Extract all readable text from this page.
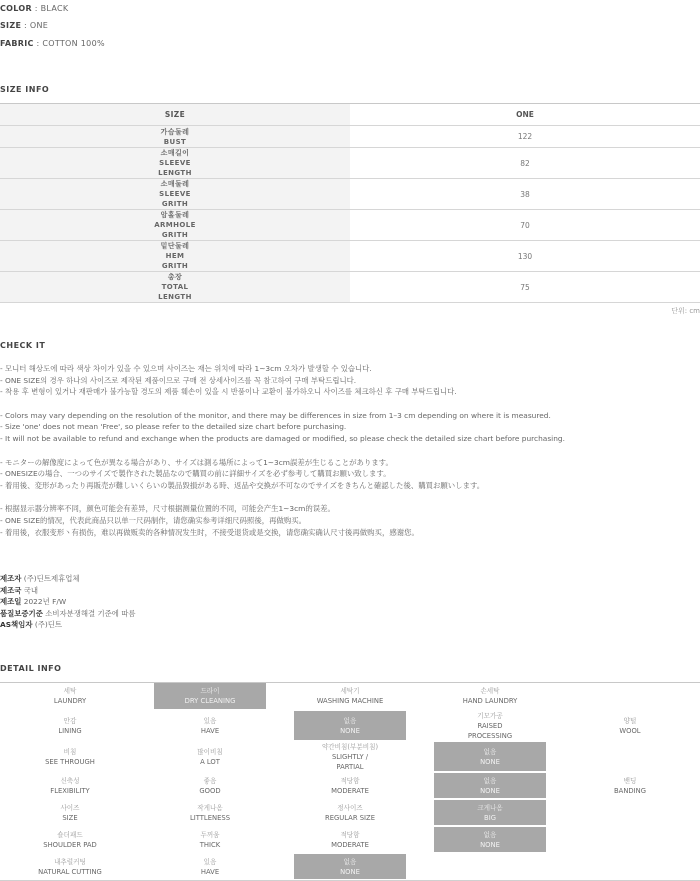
COLOR : BLACK
SIZE : ONE
FABRIC : COTTON 100%
SIZE INFO
SIZE	ONE
가슴둘레
BUST
122
소매길이
SLEEVE
LENGTH
82
소매둘레
SLEEVE
GRITH
38
암홀둘레
ARMHOLE
GRITH
70
밑단둘레
HEM
GRITH
130
총장
TOTAL
LENGTH
75
단위: cm
CHECK IT
- 모니터 해상도에 따라 색상 차이가 있을 수 있으며 사이즈는 재는 위치에 따라 1~3cm 오차가 발생할 수 있습니다.
- ONE SIZE의 경우 하나의 사이즈로 제작된 제품이므로 구매 전 상세사이즈를 꼭 참고하여 구매 부탁드립니다.
- 착용 후 변형이 있거나 재판매가 불가능할 경도의 제품 훼손이 있을 시 반품이나 교환이 불가하오니 사이즈를 체크하신 후 구매 부탁드립니다.
- Colors may vary depending on the resolution of the monitor, and there may be differences in size from 1–3 cm depending on where it is measured.
- Size 'one' does not mean 'Free', so please refer to the detailed size chart before purchasing.
- It will not be available to refund and exchange when the products are damaged or modified, so please check the detailed size chart before purchasing.
- モニターの解像度によって色が異なる場合があり、サイズは測る場所によって1~3cm誤差が生じることがあります。
- ONESIZEの場合、一つのサイズで製作された製品なので購買の前に詳細サイズを必ず参考して購買お願い致します。
- 着用後、変形があったり再販売が難しいくらいの製品毀損がある時、返品や交換が不可なのでサイズをきちんと確認した後、購買お願いします。
- 根据显示器分辨率不同，颜色可能会有差异，尺寸根据测量位置的不同，可能会产生1~3cm的误差。
- ONE SIZE的情况，代表此商品只以单一尺码制作，请您确实参考详细尺码照後，再做购买。
- 着用後，衣服变形丶有损伤，难以再做贩卖的各种情况发生时，不接受退货或是交换，请您确实确认尺寸後再做购买，感谢您。
제조자 (주)딘트제휴업체
제조국 국내
제조일 2022년 F/W
품질보증기준 소비자분쟁해결 기준에 따름
AS책임자 (주)딘트
DETAIL INFO
세탁
LAUNDRY
드라이
DRY CLEANING
세탁기
WASHING MACHINE
손세탁
HAND LAUNDRY
안감
LINING
있음
HAVE
없음
NONE
기모가공
RAISED
PROCESSING
양털
WOOL
비침
SEE THROUGH
많이비침
A LOT
약간비침(부분비침)
SLIGHTLY /
PARTIAL
없음
NONE
신축성
FLEXIBILITY
좋음
GOOD
적당함
MODERATE
없음
NONE
밴딩
BANDING
사이즈
SIZE
작게나옴
LITTLENESS
정사이즈
REGULAR SIZE
크게나옴
BIG
숄더패드
SHOULDER PAD
두꺼움
THICK
적당함
MODERATE
없음
NONE
내추럴커팅
NATURAL CUTTING
있음
HAVE
없음
NONE
